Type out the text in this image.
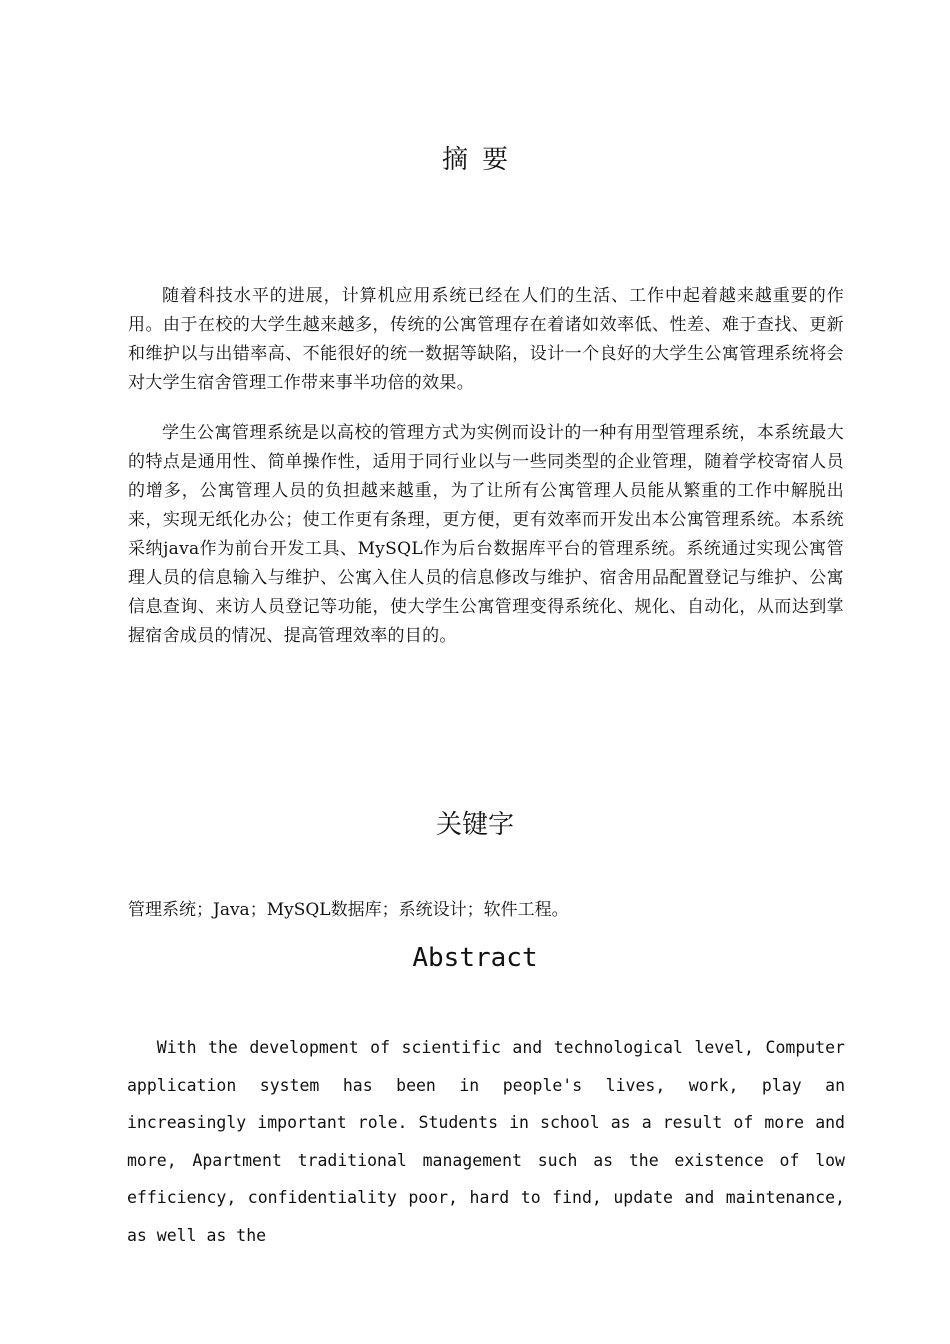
摘要

随着科技水平的进展，计算机应用系统已经在人们的生活、工作中起着越来越重要的作用。由于在校的大学生越来越多，传统的公寓管理存在着诸如效率低、性差、难于查找、更新和维护以与出错率高、不能很好的统一数据等缺陷，设计一个良好的大学生公寓管理系统将会对大学生宿舍管理工作带来事半功倍的效果。

学生公寓管理系统是以高校的管理方式为实例而设计的一种有用型管理系统，本系统最大的特点是通用性、简单操作性，适用于同行业以与一些同类型的企业管理，随着学校寄宿人员的增多，公寓管理人员的负担越来越重，为了让所有公寓管理人员能从繁重的工作中解脱出来，实现无纸化办公；使工作更有条理，更方便，更有效率而开发出本公寓管理系统。本系统采纳java作为前台开发工具、MySQL作为后台数据库平台的管理系统。系统通过实现公寓管理人员的信息输入与维护、公寓入住人员的信息修改与维护、宿舍用品配置登记与维护、公寓信息查询、来访人员登记等功能，使大学生公寓管理变得系统化、规化、自动化，从而达到掌握宿舍成员的情况、提高管理效率的目的。

关键字

管理系统；Java；MySQL数据库；系统设计；软件工程。

Abstract

With the development of scientific and technological level, Computer application system has been in people's lives, work, play an increasingly important role. Students in school as a result of more and more, Apartment traditional management such as the existence of low efficiency, confidentiality poor, hard to find, update and maintenance, as well as the
